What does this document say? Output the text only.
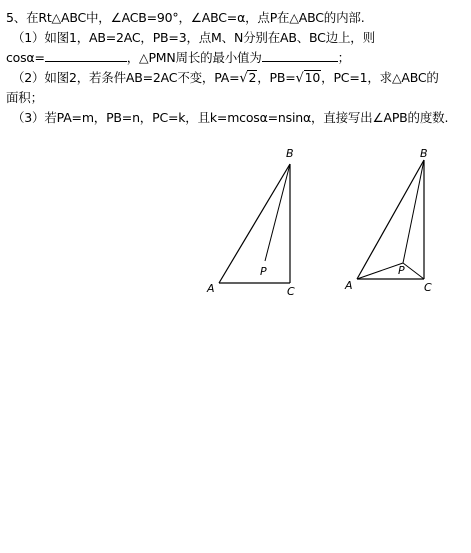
5、在Rt△ABC中，∠ACB=90°，∠ABC=α，点P在△ABC的内部.
（1）如图1，AB=2AC，PB=3，点M、N分别在AB、BC边上，则
cosα=	，△PMN周长的最小值为	；
（2）如图2，若条件AB=2AC不变，PA=√2，PB=√10，PC=1，求△ABC的
面积；
（3）若PA=m，PB=n，PC=k，且k=mcosα=nsinα，直接写出∠APB的度数.
B
A	C
P
B
A	C
P
